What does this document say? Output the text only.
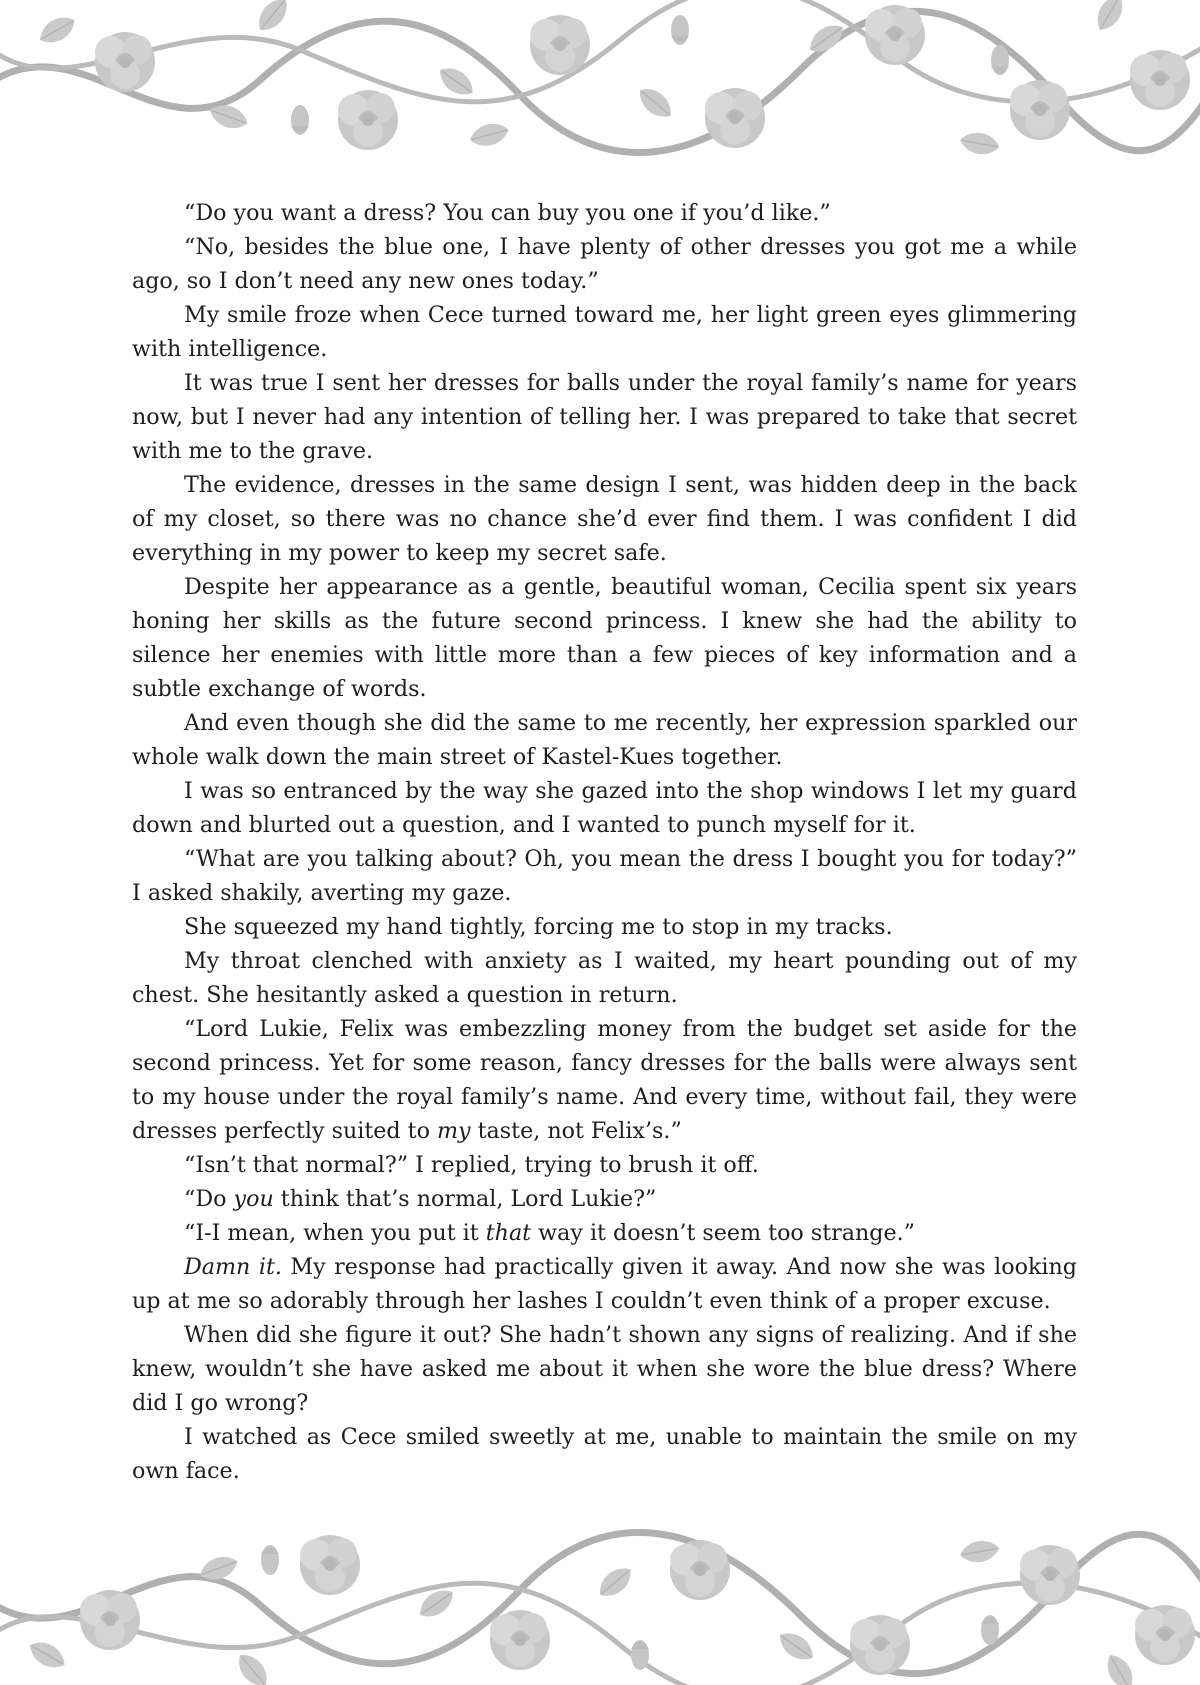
“Do you want a dress? You can buy you one if you’d like.”

“No, besides the blue one, I have plenty of other dresses you got me a while ago, so I don’t need any new ones today.”

My smile froze when Cece turned toward me, her light green eyes glimmering with intelligence.

It was true I sent her dresses for balls under the royal family’s name for years now, but I never had any intention of telling her. I was prepared to take that secret with me to the grave.

The evidence, dresses in the same design I sent, was hidden deep in the back of my closet, so there was no chance she’d ever find them. I was confident I did everything in my power to keep my secret safe.

Despite her appearance as a gentle, beautiful woman, Cecilia spent six years honing her skills as the future second princess. I knew she had the ability to silence her enemies with little more than a few pieces of key information and a subtle exchange of words.

And even though she did the same to me recently, her expression sparkled our whole walk down the main street of Kastel-Kues together.

I was so entranced by the way she gazed into the shop windows I let my guard down and blurted out a question, and I wanted to punch myself for it.

“What are you talking about? Oh, you mean the dress I bought you for today?” I asked shakily, averting my gaze.

She squeezed my hand tightly, forcing me to stop in my tracks.

My throat clenched with anxiety as I waited, my heart pounding out of my chest. She hesitantly asked a question in return.

“Lord Lukie, Felix was embezzling money from the budget set aside for the second princess. Yet for some reason, fancy dresses for the balls were always sent to my house under the royal family’s name. And every time, without fail, they were dresses perfectly suited to my taste, not Felix’s.”

“Isn’t that normal?” I replied, trying to brush it off.

“Do you think that’s normal, Lord Lukie?”

“I-I mean, when you put it that way it doesn’t seem too strange.”

Damn it. My response had practically given it away. And now she was looking up at me so adorably through her lashes I couldn’t even think of a proper excuse.

When did she figure it out? She hadn’t shown any signs of realizing. And if she knew, wouldn’t she have asked me about it when she wore the blue dress? Where did I go wrong?

I watched as Cece smiled sweetly at me, unable to maintain the smile on my own face.
